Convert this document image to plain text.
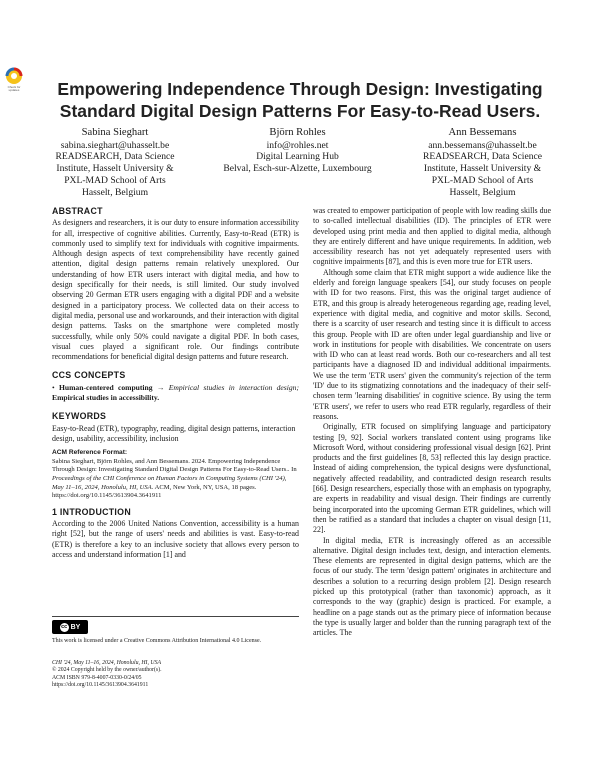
Check for updates	Empowering Independence Through Design: Investigating Standard Digital Design Patterns For Easy-to-Read Users.
Sabina Sieghart
sabina.sieghart@uhasselt.be
READSEARCH, Data Science
Institute, Hasselt University &
PXL-MAD School of Arts
Hasselt, Belgium
Björn Rohles
info@rohles.net
Digital Learning Hub
Belval, Esch-sur-Alzette, Luxembourg
Ann Bessemans
ann.bessemans@uhasselt.be
READSEARCH, Data Science
Institute, Hasselt University &
PXL-MAD School of Arts
Hasselt, Belgium
ABSTRACT

As designers and researchers, it is our duty to ensure information accessibility for all, irrespective of cognitive abilities. Currently, Easy-to-Read (ETR) is commonly used to simplify text for individuals with cognitive impairments. Although design aspects of text comprehensibility have recently gained attention, digital design patterns remain relatively unexplored. Our understanding of how ETR users interact with digital media, and how to design specifically for their needs, is still limited. Our study involved observing 20 German ETR users engaging with a digital PDF and a website designed in a participatory process. We collected data on their access to digital media, personal use and workarounds, and their interaction with digital design patterns. Tasks on the smartphone were completed mostly successfully, while only 50% could navigate a digital PDF. In both cases, visual cues played a significant role. Our findings contribute recommendations for beneficial digital design patterns and future research.

CCS CONCEPTS

• Human-centered computing → Empirical studies in interaction design; Empirical studies in accessibility.

KEYWORDS

Easy-to-Read (ETR), typography, reading, digital design patterns, interaction design, usability, accessibility, inclusion

ACM Reference Format:
Sabina Sieghart, Björn Rohles, and Ann Bessemans. 2024. Empowering Independence Through Design: Investigating Standard Digital Design Patterns For Easy-to-Read Users.. In Proceedings of the CHI Conference on Human Factors in Computing Systems (CHI '24), May 11–16, 2024, Honolulu, HI, USA. ACM, New York, NY, USA, 18 pages. https://doi.org/10.1145/3613904.3641911

1 INTRODUCTION

According to the 2006 United Nations Convention, accessibility is a human right [52], but the range of users' needs and abilities is vast. Easy-to-read (ETR) is therefore a key to an inclusive society that allows every person to access and understand information [1] and

cc BY
This work is licensed under a Creative Commons Attribution International 4.0 License.
CHI '24, May 11–16, 2024, Honolulu, HI, USA
© 2024 Copyright held by the owner/author(s).
ACM ISBN 979-8-4007-0330-0/24/05
https://doi.org/10.1145/3613904.3641911

was created to empower participation of people with low reading skills due to so-called intellectual disabilities (ID). The principles of ETR were developed using print media and then applied to digital media, although they are entirely different and have unique requirements. In addition, web accessibility research has not yet adequately represented users with cognitive impairments [87], and this is even more true for ETR users.

Although some claim that ETR might support a wide audience like the elderly and foreign language speakers [54], our study focuses on people with ID for two reasons. First, this was the original target audience of ETR, and this group is already heterogeneous regarding age, reading level, experience with digital media, and cognitive and motor skills. Second, there is a scarcity of user research and testing since it is difficult to access this group. People with ID are often under legal guardianship and live or work in institutions for people with disabilities. We concentrate on users with ID who can at least read words. Both our co-researchers and all test participants have a diagnosed ID and individual additional impairments. We use the term 'ETR users' given the community's rejection of the term 'ID' due to its stigmatizing connotations and the inadequacy of their self-chosen term 'learning disabilities' in cognitive science. By using the term 'ETR users', we refer to users who read ETR regularly, regardless of their reasons.

Originally, ETR focused on simplifying language and participatory testing [9, 92]. Social workers translated content using programs like Microsoft Word, without considering professional visual design [62]. Print products and the first guidelines [8, 53] reflected this lay design practice. Instead of aiding comprehension, the typical designs were dysfunctional, negatively affected readability, and contradicted design research results [66]. Design researchers, especially those with an emphasis on typography, are experts in readability and visual design. Their findings are currently being incorporated into the upcoming German ETR guidelines, which will then be ratified as a standard that includes a chapter on visual design [11, 22].

In digital media, ETR is increasingly offered as an accessible alternative. Digital design includes text, design, and interaction elements. These elements are represented in digital design patterns, which are the focus of our study. The term 'design pattern' originates in architecture and describes a solution to a recurring design problem [2]. Design research picked up this prototypical (rather than taxonomic) approach, as it corresponds to the way (graphic) design is practiced. For example, a headline on a page stands out as the primary piece of information because the type is usually larger and bolder than the running paragraph text of the articles. The
